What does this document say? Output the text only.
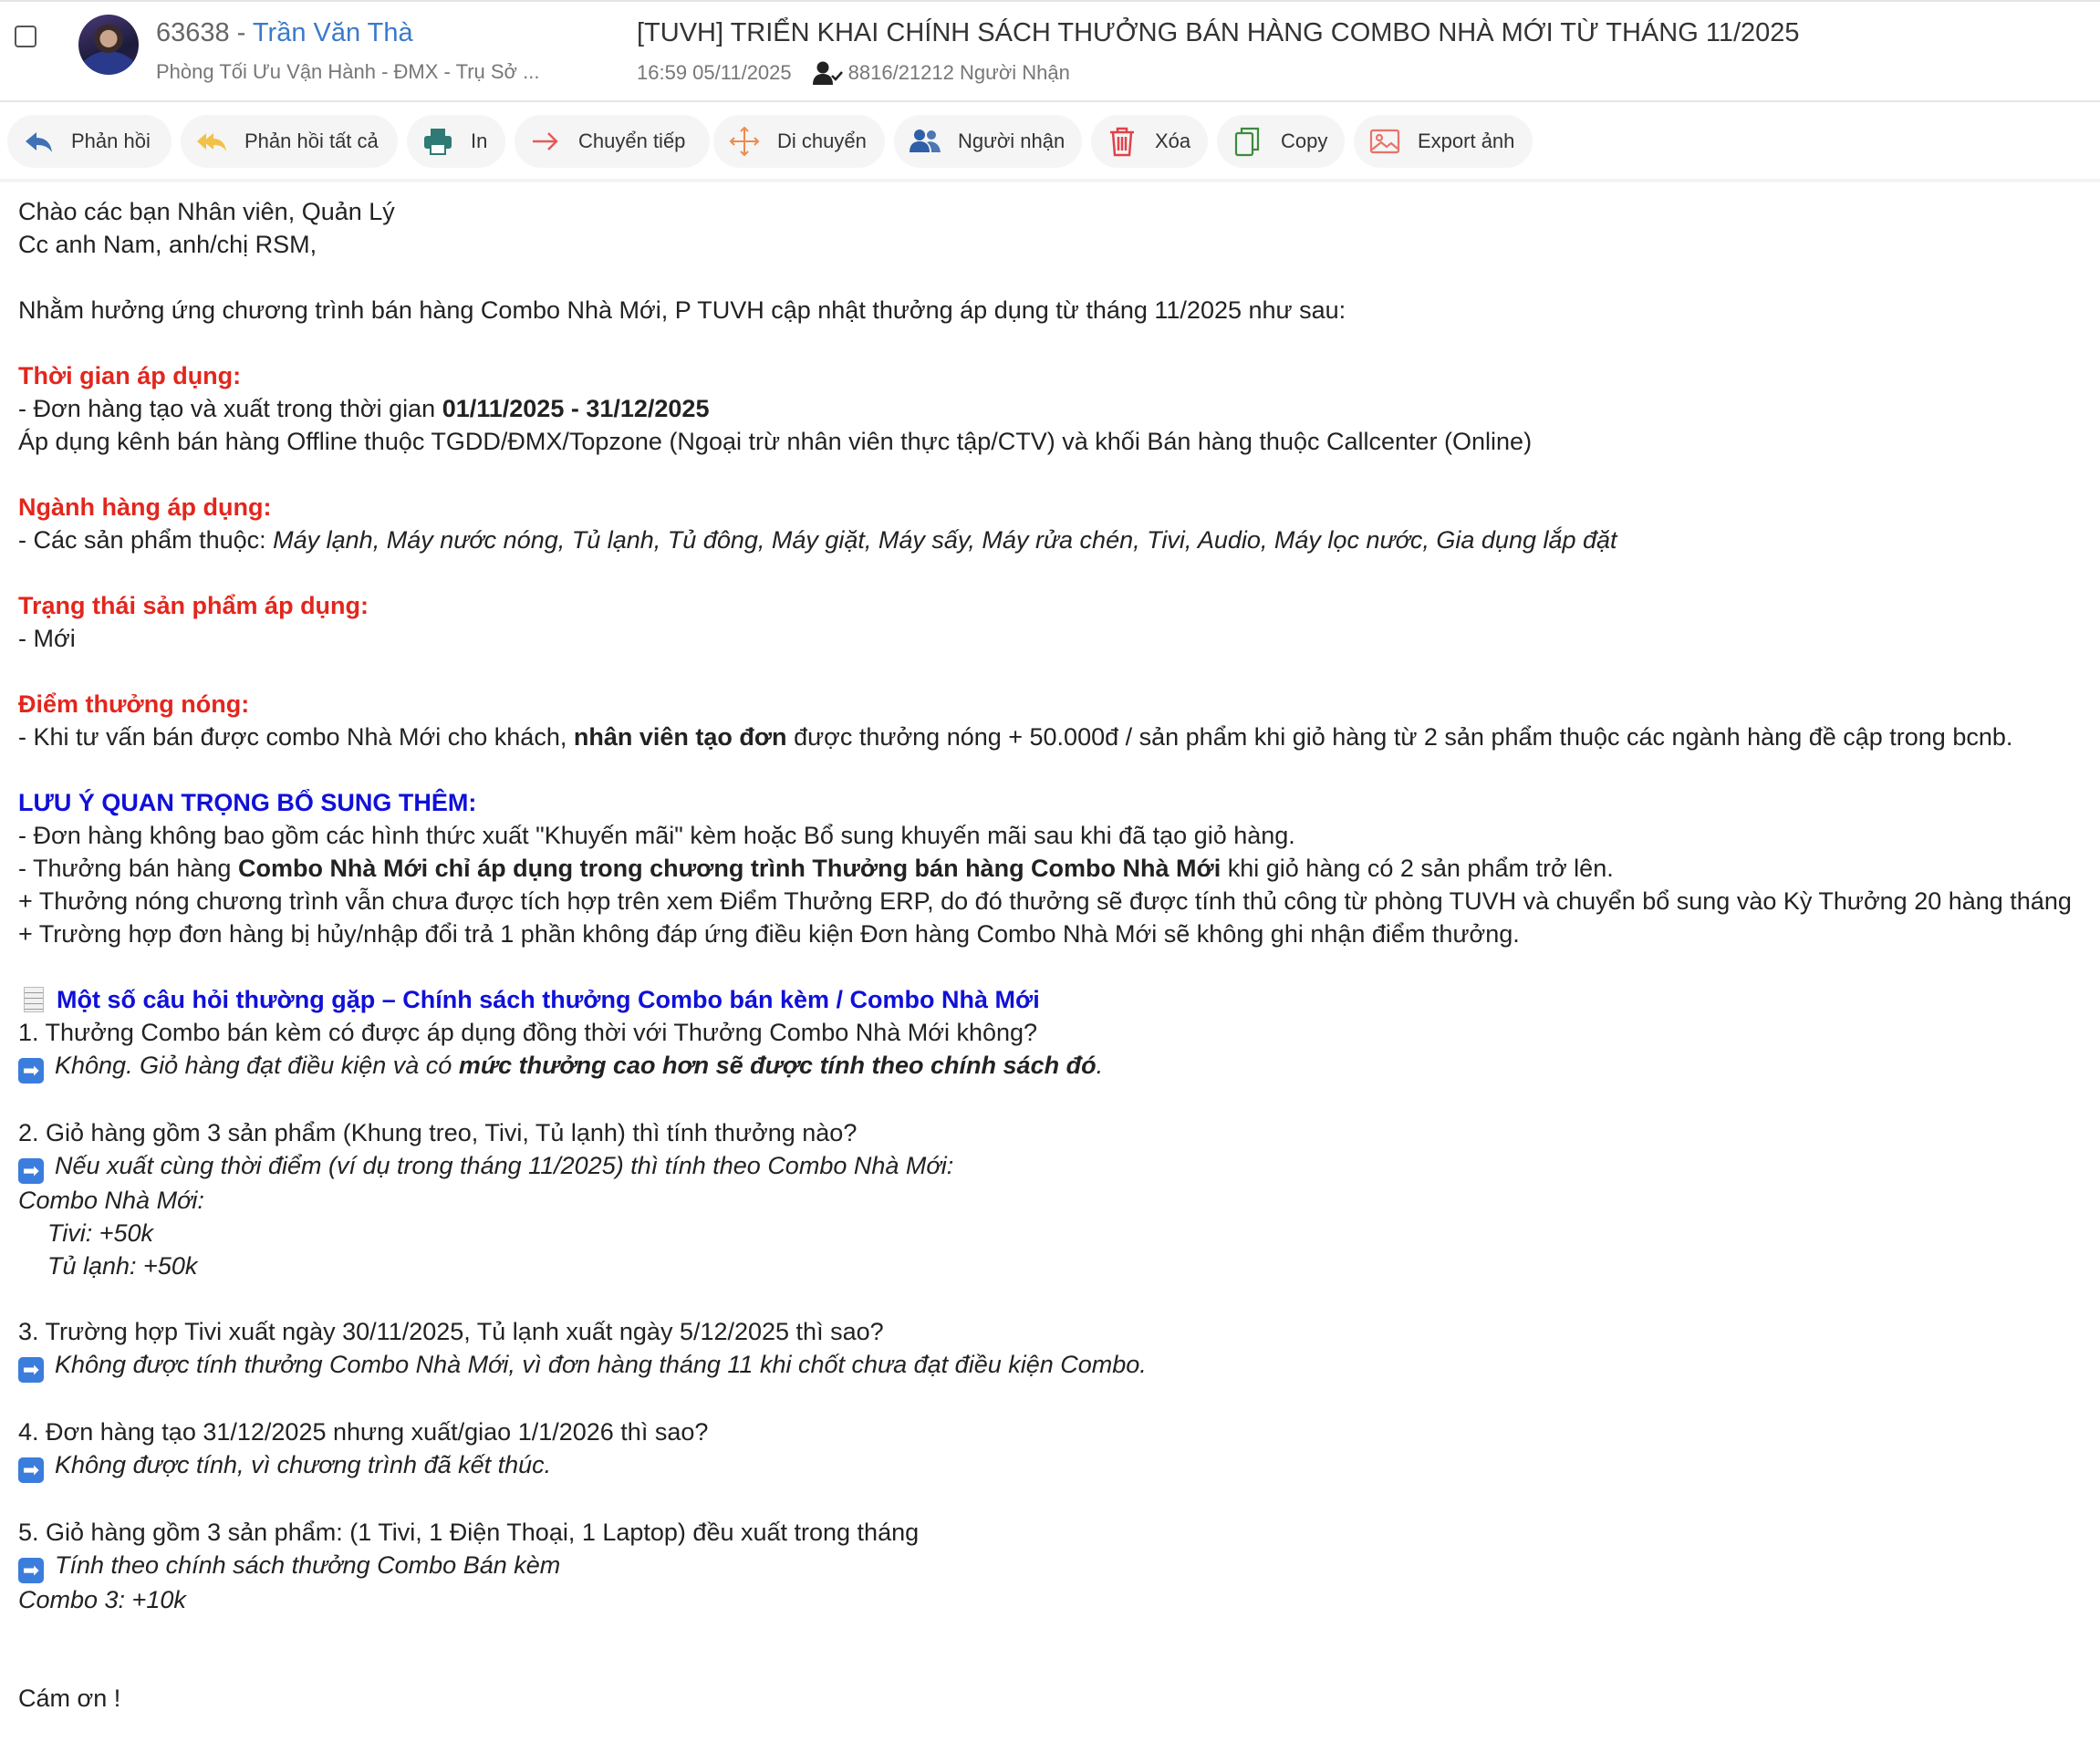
63638 - Trần Văn Thà
Phòng Tối Ưu Vận Hành - ĐMX - Trụ Sở ...
[TUVH] TRIỂN KHAI CHÍNH SÁCH THƯỞNG BÁN HÀNG COMBO NHÀ MỚI TỪ THÁNG 11/2025
16:59 05/11/2025	8816/21212 Người Nhận
Phản hồi	Phản hồi tất cả	In	Chuyển tiếp	Di chuyển	Người nhận	Xóa	Copy	Export ảnh

Chào các bạn Nhân viên, Quản Lý

Cc anh Nam, anh/chị RSM,

Nhằm hưởng ứng chương trình bán hàng Combo Nhà Mới, P TUVH cập nhật thưởng áp dụng từ tháng 11/2025 như sau:

Thời gian áp dụng:

- Đơn hàng tạo và xuất trong thời gian 01/11/2025 - 31/12/2025

Áp dụng kênh bán hàng Offline thuộc TGDD/ĐMX/Topzone (Ngoại trừ nhân viên thực tập/CTV) và khối Bán hàng thuộc Callcenter (Online)

Ngành hàng áp dụng:

- Các sản phẩm thuộc: Máy lạnh, Máy nước nóng, Tủ lạnh, Tủ đông, Máy giặt, Máy sấy, Máy rửa chén, Tivi, Audio, Máy lọc nước, Gia dụng lắp đặt

Trạng thái sản phẩm áp dụng:

- Mới

Điểm thưởng nóng:

- Khi tư vấn bán được combo Nhà Mới cho khách, nhân viên tạo đơn được thưởng nóng + 50.000đ / sản phẩm khi giỏ hàng từ 2 sản phẩm thuộc các ngành hàng đề cập trong bcnb.

LƯU Ý QUAN TRỌNG BỔ SUNG THÊM:

- Đơn hàng không bao gồm các hình thức xuất "Khuyến mãi" kèm hoặc Bổ sung khuyến mãi sau khi đã tạo giỏ hàng.

- Thưởng bán hàng Combo Nhà Mới chỉ áp dụng trong chương trình Thưởng bán hàng Combo Nhà Mới khi giỏ hàng có 2 sản phẩm trở lên.

+ Thưởng nóng chương trình vẫn chưa được tích hợp trên xem Điểm Thưởng ERP, do đó thưởng sẽ được tính thủ công từ phòng TUVH và chuyển bổ sung vào Kỳ Thưởng 20 hàng tháng

+ Trường hợp đơn hàng bị hủy/nhập đổi trả 1 phần không đáp ứng điều kiện Đơn hàng Combo Nhà Mới sẽ không ghi nhận điểm thưởng.

Một số câu hỏi thường gặp – Chính sách thưởng Combo bán kèm / Combo Nhà Mới

1. Thưởng Combo bán kèm có được áp dụng đồng thời với Thưởng Combo Nhà Mới không?

➡ Không. Giỏ hàng đạt điều kiện và có mức thưởng cao hơn sẽ được tính theo chính sách đó.

2. Giỏ hàng gồm 3 sản phẩm (Khung treo, Tivi, Tủ lạnh) thì tính thưởng nào?

➡ Nếu xuất cùng thời điểm (ví dụ trong tháng 11/2025) thì tính theo Combo Nhà Mới:

Combo Nhà Mới:

Tivi: +50k

Tủ lạnh: +50k

3. Trường hợp Tivi xuất ngày 30/11/2025, Tủ lạnh xuất ngày 5/12/2025 thì sao?

➡ Không được tính thưởng Combo Nhà Mới, vì đơn hàng tháng 11 khi chốt chưa đạt điều kiện Combo.

4. Đơn hàng tạo 31/12/2025 nhưng xuất/giao 1/1/2026 thì sao?

➡ Không được tính, vì chương trình đã kết thúc.

5. Giỏ hàng gồm 3 sản phẩm: (1 Tivi, 1 Điện Thoại, 1 Laptop) đều xuất trong tháng

➡ Tính theo chính sách thưởng Combo Bán kèm

Combo 3: +10k

Cám ơn !
